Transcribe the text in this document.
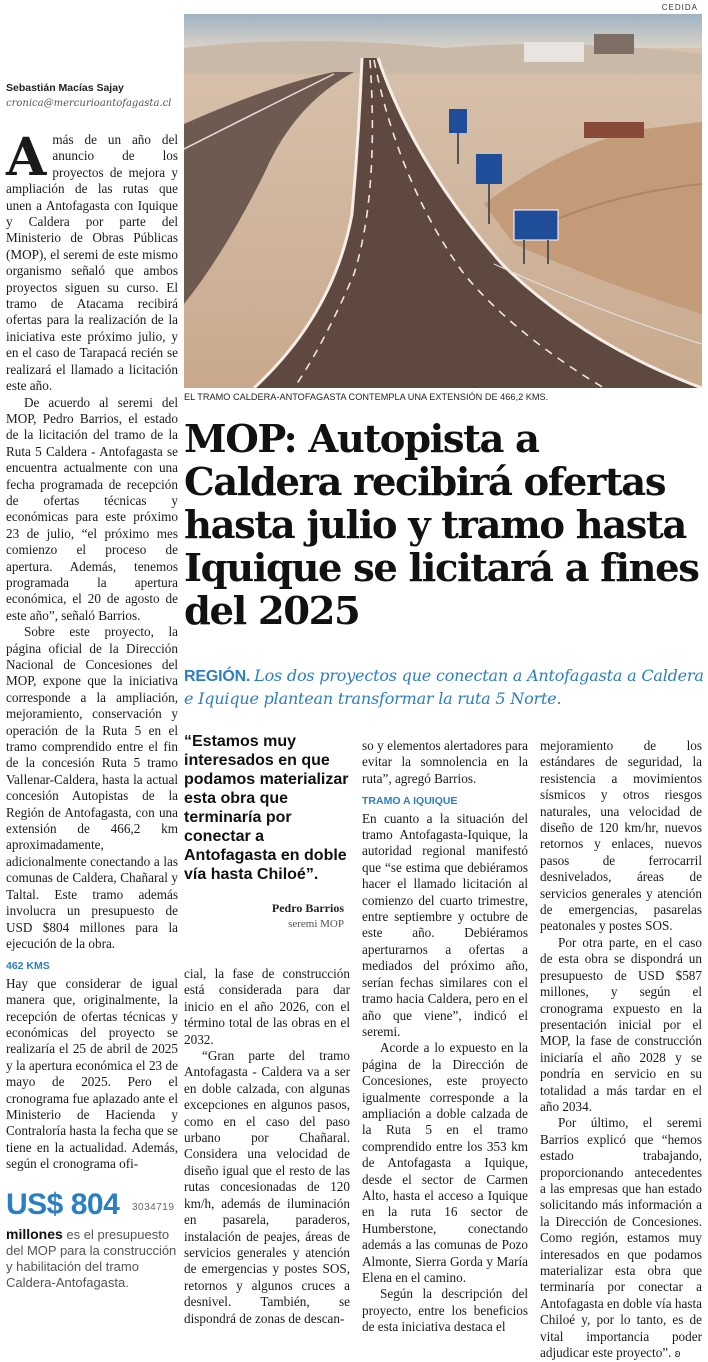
CEDIDA
EL TRAMO CALDERA-ANTOFAGASTA CONTEMPLA UNA EXTENSIÓN DE 466,2 KMS.
Sebastián Macías Sajay
cronica@mercurioantofagasta.cl

Amás de un año del anuncio de los proyectos de mejora y ampliación de las rutas que unen a Antofagasta con Iquique y Caldera por parte del Ministerio de Obras Públicas (MOP), el seremi de este mismo organismo señaló que ambos proyectos siguen su curso. El tramo de Atacama recibirá ofertas para la realización de la iniciativa este próximo julio, y en el caso de Tarapacá recién se realizará el llamado a licitación este año.

De acuerdo al seremi del MOP, Pedro Barrios, el estado de la licitación del tramo de la Ruta 5 Caldera - Antofagasta se encuentra actualmente con una fecha programada de recepción de ofertas técnicas y económicas para este próximo 23 de julio, “el próximo mes comienzo el proceso de apertura. Además, tenemos programada la apertura económica, el 20 de agosto de este año”, señaló Barrios.

Sobre este proyecto, la página oficial de la Dirección Nacional de Concesiones del MOP, expone que la iniciativa corresponde a la ampliación, mejoramiento, conservación y operación de la Ruta 5 en el tramo comprendido entre el fin de la concesión Ruta 5 tramo Vallenar-Caldera, hasta la actual concesión Autopistas de la Región de Antofagasta, con una extensión de 466,2 km aproximadamente, adicionalmente conectando a las comunas de Caldera, Chañaral y Taltal. Este tramo además involucra un presupuesto de USD $804 millones para la ejecución de la obra.

462 KMS

Hay que considerar de igual manera que, originalmente, la recepción de ofertas técnicas y económicas del proyecto se realizaría el 25 de abril de 2025 y la apertura económica el 23 de mayo de 2025. Pero el cronograma fue aplazado ante el Ministerio de Hacienda y Contraloría hasta la fecha que se tiene en la actualidad. Además, según el cronograma ofi-

US$ 804 3034719
millones es el presupuesto del MOP para la construcción y habilitación del tramo Caldera-Antofagasta.
MOP: Autopista a Caldera recibirá ofertas hasta julio y tramo hasta Iquique se licitará a fines del 2025
REGIÓN. Los dos proyectos que conectan a Antofagasta a Caldera e Iquique plantean transformar la ruta 5 Norte.
“Estamos muy interesados en que podamos materializar esta obra que terminaría por conectar a Antofagasta en doble vía hasta Chiloé”.
Pedro Barrios
seremi MOP

cial, la fase de construcción está considerada para dar inicio en el año 2026, con el término total de las obras en el 2032.

“Gran parte del tramo Antofagasta - Caldera va a ser en doble calzada, con algunas excepciones en algunos pasos, como en el caso del paso urbano por Chañaral. Considera una velocidad de diseño igual que el resto de las rutas concesionadas de 120 km/h, además de iluminación en pasarela, paraderos, instalación de peajes, áreas de servicios generales y atención de emergencias y postes SOS, retornos y algunos cruces a desnivel. También, se dispondrá de zonas de descan-

so y elementos alertadores para evitar la somnolencia en la ruta”, agregó Barrios.

TRAMO A IQUIQUE

En cuanto a la situación del tramo Antofagasta-Iquique, la autoridad regional manifestó que “se estima que debiéramos hacer el llamado licitación al comienzo del cuarto trimestre, entre septiembre y octubre de este año. Debiéramos aperturarnos a ofertas a mediados del próximo año, serían fechas similares con el tramo hacia Caldera, pero en el año que viene”, indicó el seremi.

Acorde a lo expuesto en la página de la Dirección de Concesiones, este proyecto igualmente corresponde a la ampliación a doble calzada de la Ruta 5 en el tramo comprendido entre los 353 km de Antofagasta a Iquique, desde el sector de Carmen Alto, hasta el acceso a Iquique en la ruta 16 sector de Humberstone, conectando además a las comunas de Pozo Almonte, Sierra Gorda y María Elena en el camino.

Según la descripción del proyecto, entre los beneficios de esta iniciativa destaca el

mejoramiento de los estándares de seguridad, la resistencia a movimientos sísmicos y otros riesgos naturales, una velocidad de diseño de 120 km/hr, nuevos retornos y enlaces, nuevos pasos de ferrocarril desnivelados, áreas de servicios generales y atención de emergencias, pasarelas peatonales y postes SOS.

Por otra parte, en el caso de esta obra se dispondrá un presupuesto de USD $587 millones, y según el cronograma expuesto en la presentación inicial por el MOP, la fase de construcción iniciaría el año 2028 y se pondría en servicio en su totalidad a más tardar en el año 2034.

Por último, el seremi Barrios explicó que “hemos estado trabajando, proporcionando antecedentes a las empresas que han estado solicitando más información a la Dirección de Concesiones. Como región, estamos muy interesados en que podamos materializar esta obra que terminaría por conectar a Antofagasta en doble vía hasta Chiloé y, por lo tanto, es de vital importancia poder adjudicar este proyecto”. ʚ
